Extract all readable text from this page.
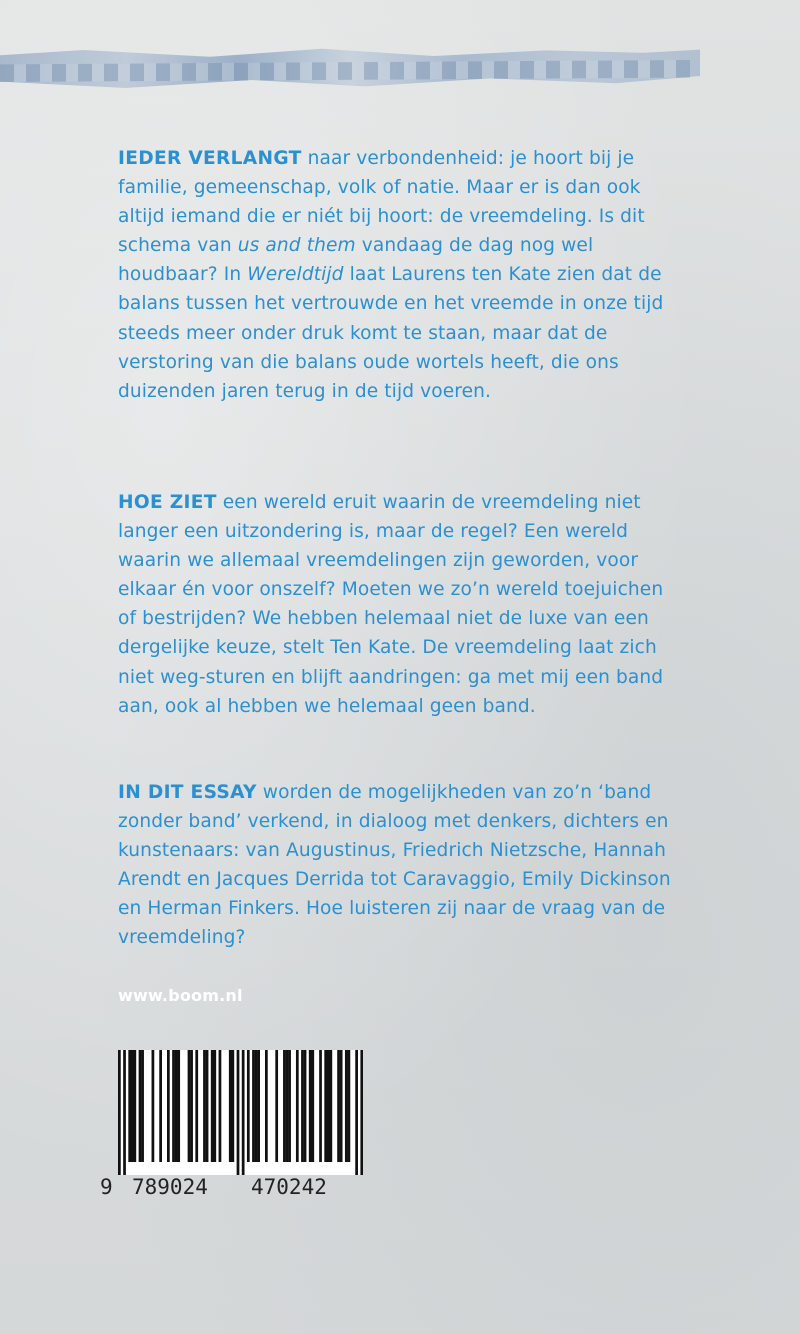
IEDER VERLANGT naar verbondenheid: je hoort bij je familie, gemeenschap, volk of natie. Maar er is dan ook altijd iemand die er niét bij hoort: de vreemdeling. Is dit schema van us and them vandaag de dag nog wel houdbaar? In Wereldtijd laat Laurens ten Kate zien dat de balans tussen het vertrouwde en het vreemde in onze tijd steeds meer onder druk komt te staan, maar dat de verstoring van die balans oude wortels heeft, die ons duizenden jaren terug in de tijd voeren.

HOE ZIET een wereld eruit waarin de vreemdeling niet langer een uitzondering is, maar de regel? Een wereld waarin we allemaal vreemdelingen zijn geworden, voor elkaar én voor onszelf? Moeten we zo’n wereld toejuichen of bestrijden? We hebben helemaal niet de luxe van een dergelijke keuze, stelt Ten Kate. De vreemdeling laat zich niet weg-sturen en blijft aandringen: ga met mij een band aan, ook al hebben we helemaal geen band.

IN DIT ESSAY worden de mogelijkheden van zo’n ‘band zonder band’ verkend, in dialoog met denkers, dichters en kunstenaars: van Augustinus, Friedrich Nietzsche, Hannah Arendt en Jacques Derrida tot Caravaggio, Emily Dickinson en Herman Finkers. Hoe luisteren zij naar de vraag van de vreemdeling?

www.boom.nl
9 789024 470242
